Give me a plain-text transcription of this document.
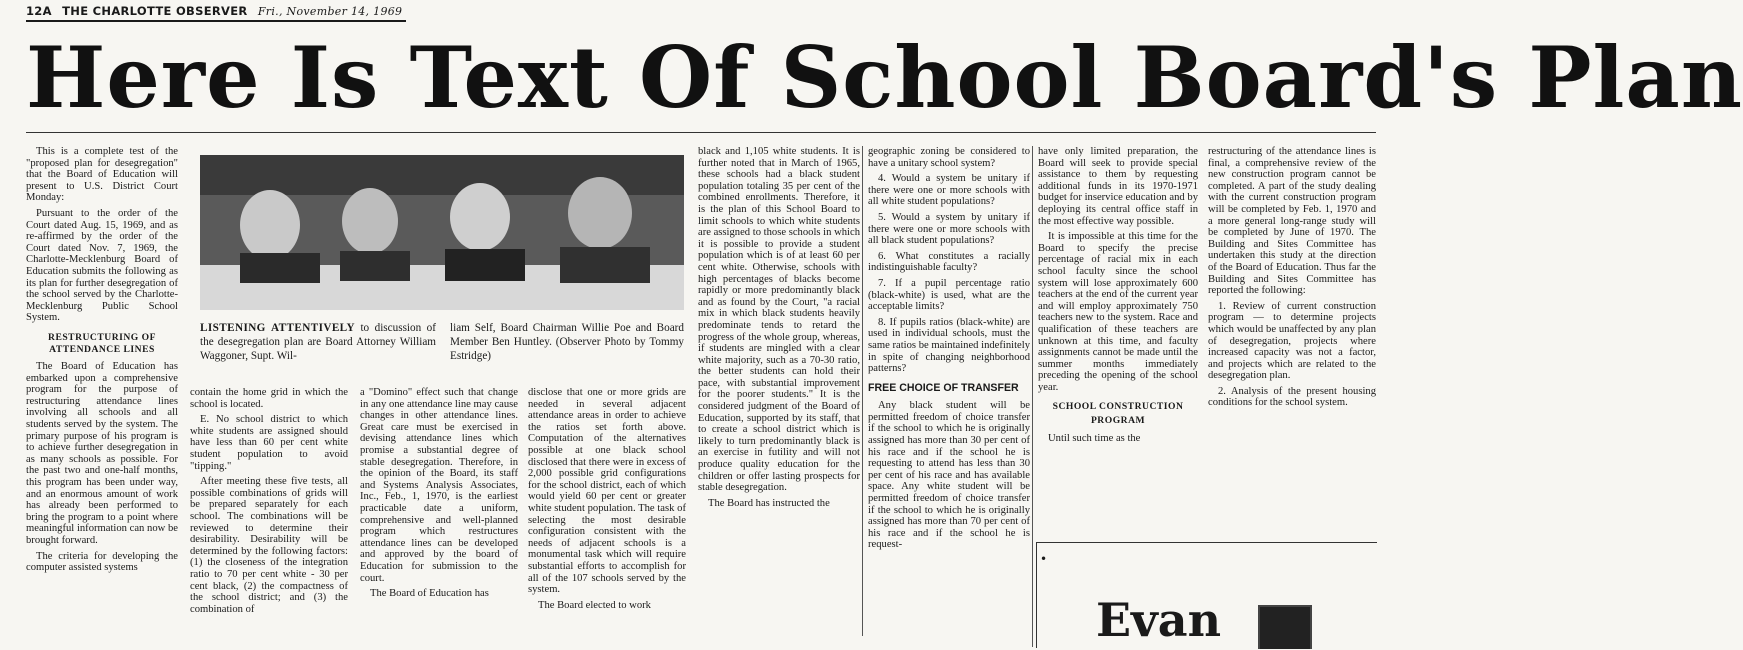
12A THE CHARLOTTE OBSERVER Fri., November 14, 1969
Here Is Text Of School Board's Plan

This is a complete test of the "proposed plan for desegregation" that the Board of Education will present to U.S. District Court Monday:

Pursuant to the order of the Court dated Aug. 15, 1969, and as re-affirmed by the order of the Court dated Nov. 7, 1969, the Charlotte-Mecklenburg Board of Education submits the following as its plan for further desegregation of the school served by the Charlotte-Mecklenburg Public School System.

RESTRUCTURING OF ATTENDANCE LINES

The Board of Education has embarked upon a comprehensive program for the purpose of restructuring attendance lines involving all schools and all students served by the system. The primary purpose of his program is to achieve further desegregation in as many schools as possible. For the past two and one-half months, this program has been under way, and an enormous amount of work has already been performed to bring the program to a point where meaningful information can now be brought forward.

The criteria for developing the computer assisted systems

LISTENING ATTENTIVELY to discussion of the desegregation plan are Board Attorney William Waggoner, Supt. Wil-
liam Self, Board Chairman Willie Poe and Board Member Ben Huntley. (Observer Photo by Tommy Estridge)

contain the home grid in which the school is located.

E. No school district to which white students are assigned should have less than 60 per cent white student population to avoid "tipping."

After meeting these five tests, all possible combinations of grids will be prepared separately for each school. The combinations will be reviewed to determine their desirability. Desirability will be determined by the following factors: (1) the closeness of the integration ratio to 70 per cent white - 30 per cent black, (2) the compactness of the school district; and (3) the combination of

a "Domino" effect such that change in any one attendance line may cause changes in other attendance lines. Great care must be exercised in devising attendance lines which promise a substantial degree of stable desegregation. Therefore, in the opinion of the Board, its staff and Systems Analysis Associates, Inc., Feb., 1, 1970, is the earliest practicable date a uniform, comprehensive and well-planned program which restructures attendance lines can be developed and approved by the board of Education for submission to the court.

The Board of Education has

disclose that one or more grids are needed in several adjacent attendance areas in order to achieve the ratios set forth above. Computation of the alternatives possible at one black school disclosed that there were in excess of 2,000 possible grid configurations for the school district, each of which would yield 60 per cent or greater white student population. The task of selecting the most desirable configuration consistent with the needs of adjacent schools is a monumental task which will require substantial efforts to accomplish for all of the 107 schools served by the system.

The Board elected to work

black and 1,105 white students. It is further noted that in March of 1965, these schools had a black student population totaling 35 per cent of the combined enrollments. Therefore, it is the plan of this School Board to limit schools to which white students are assigned to those schools in which it is possible to provide a student population which is of at least 60 per cent white. Otherwise, schools with high percentages of blacks become rapidly or more predominantly black and as found by the Court, "a racial mix in which black students heavily predominate tends to retard the progress of the whole group, whereas, if students are mingled with a clear white majority, such as a 70-30 ratio, the better students can hold their pace, with substantial improvement for the poorer students." It is the considered judgment of the Board of Education, supported by its staff, that to create a school district which is likely to turn predominantly black is an exercise in futility and will not produce quality education for the children or offer lasting prospects for stable desegregation.

The Board has instructed the

geographic zoning be considered to have a unitary school system?

4. Would a system be unitary if there were one or more schools with all white student populations?

5. Would a system by unitary if there were one or more schools with all black student populations?

6. What constitutes a racially indistinguishable faculty?

7. If a pupil percentage ratio (black-white) is used, what are the acceptable limits?

8. If pupils ratios (black-white) are used in individual schools, must the same ratios be maintained indefinitely in spite of changing neighborhood patterns?

FREE CHOICE OF TRANSFER

Any black student will be permitted freedom of choice transfer if the school to which he is originally assigned has more than 30 per cent of his race and if the school he is requesting to attend has less than 30 per cent of his race and has available space. Any white student will be permitted freedom of choice transfer if the school to which he is originally assigned has more than 70 per cent of his race and if the school he is request-

have only limited preparation, the Board will seek to provide special assistance to them by requesting additional funds in its 1970-1971 budget for inservice education and by deploying its central office staff in the most effective way possible.

It is impossible at this time for the Board to specify the precise percentage of racial mix in each school faculty since the school system will lose approximately 600 teachers at the end of the current year and will employ approximately 750 teachers new to the system. Race and qualification of these teachers are unknown at this time, and faculty assignments cannot be made until the summer months immediately preceding the opening of the school year.

SCHOOL CONSTRUCTION

PROGRAM

Until such time as the

restructuring of the attendance lines is final, a comprehensive review of the new construction program cannot be completed. A part of the study dealing with the current construction program will be completed by Feb. 1, 1970 and a more general long-range study will be completed by June of 1970. The Building and Sites Committee has undertaken this study at the direction of the Board of Education. Thus far the Building and Sites Committee has reported the following:

1. Review of current construction program — to determine projects which would be unaffected by any plan of desegregation, projects where increased capacity was not a factor, and projects which are related to the desegregation plan.

2. Analysis of the present housing conditions for the school system.

•
Evan
